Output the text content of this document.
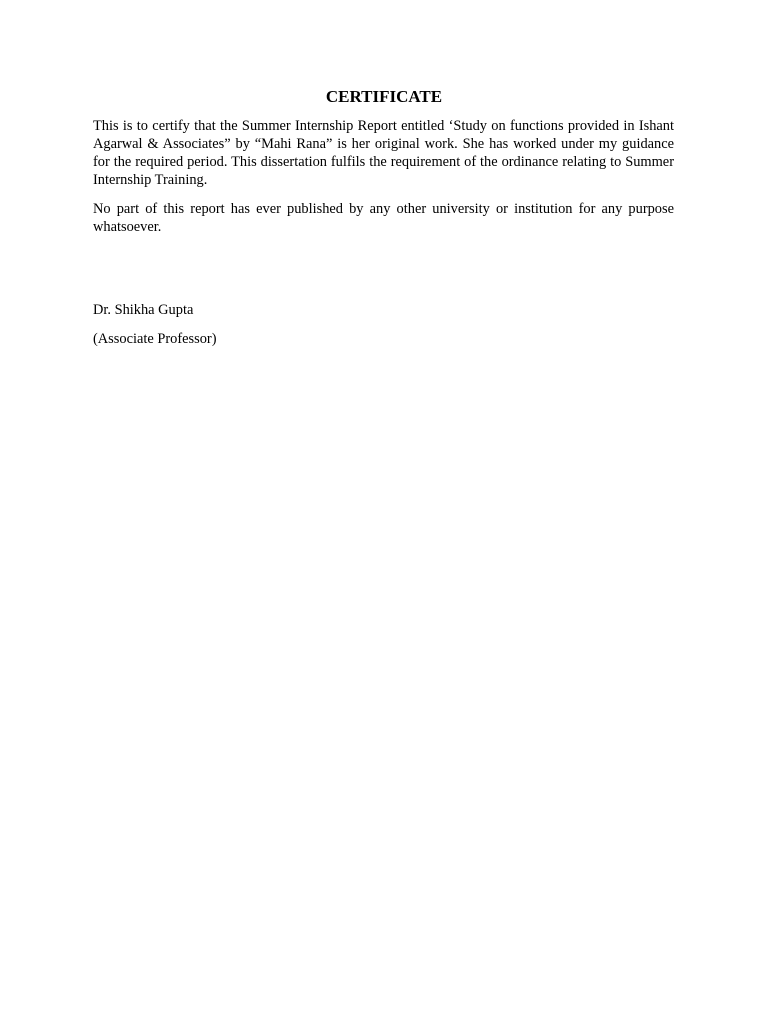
CERTIFICATE

This is to certify that the Summer Internship Report entitled ‘Study on functions provided in Ishant Agarwal & Associates” by “Mahi Rana” is her original work. She has worked under my guidance for the required period. This dissertation fulfils the requirement of the ordinance relating to Summer Internship Training.

No part of this report has ever published by any other university or institution for any purpose whatsoever.

Dr. Shikha Gupta

(Associate Professor)
